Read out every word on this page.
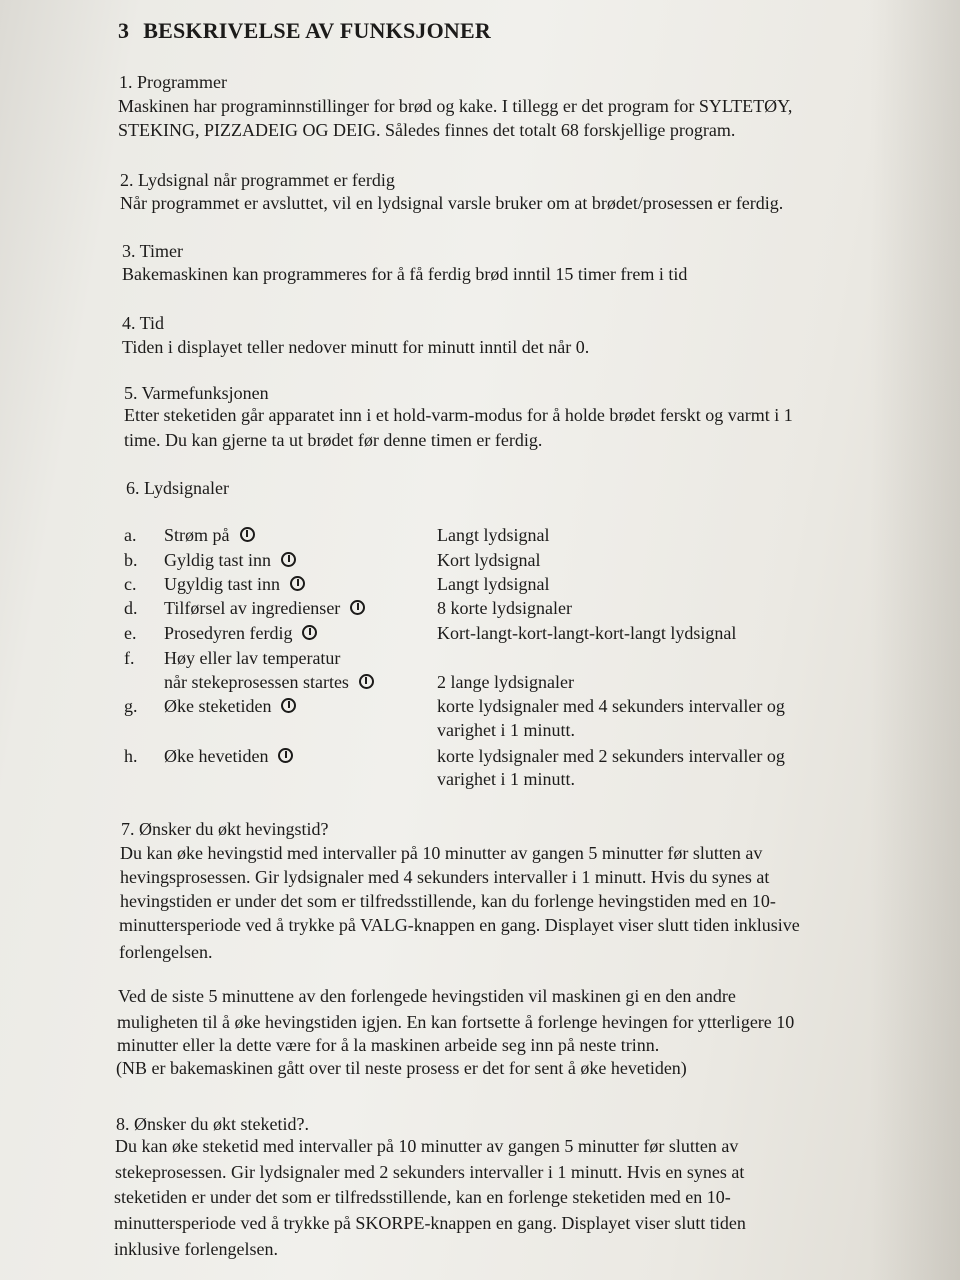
3 BESKRIVELSE AV FUNKSJONER
1. Programmer
Maskinen har programinnstillinger for brød og kake. I tillegg er det program for SYLTETØY,
STEKING, PIZZADEIG OG DEIG. Således finnes det totalt 68 forskjellige program.
2. Lydsignal når programmet er ferdig
Når programmet er avsluttet, vil en lydsignal varsle bruker om at brødet/prosessen er ferdig.
3. Timer
Bakemaskinen kan programmeres for å få ferdig brød inntil 15 timer frem i tid
4. Tid
Tiden i displayet teller nedover minutt for minutt inntil det når 0.
5. Varmefunksjonen
Etter steketiden går apparatet inn i et hold-varm-modus for å holde brødet ferskt og varmt i 1
time. Du kan gjerne ta ut brødet før denne timen er ferdig.
6. Lydsignaler
a. Strøm på	Langt lydsignal
b. Gyldig tast inn	Kort lydsignal
c. Ugyldig tast inn	Langt lydsignal
d. Tilførsel av ingredienser	8 korte lydsignaler
e. Prosedyren ferdig	Kort-langt-kort-langt-kort-langt lydsignal
f. Høy eller lav temperatur
når stekeprosessen startes	2 lange lydsignaler
g. Øke steketiden	korte lydsignaler med 4 sekunders intervaller og
varighet i 1 minutt.
h. Øke hevetiden	korte lydsignaler med 2 sekunders intervaller og
varighet i 1 minutt.
7. Ønsker du økt hevingstid?
Du kan øke hevingstid med intervaller på 10 minutter av gangen 5 minutter før slutten av
hevingsprosessen. Gir lydsignaler med 4 sekunders intervaller i 1 minutt. Hvis du synes at
hevingstiden er under det som er tilfredsstillende, kan du forlenge hevingstiden med en 10-
minuttersperiode ved å trykke på VALG-knappen en gang. Displayet viser slutt tiden inklusive
forlengelsen.
Ved de siste 5 minuttene av den forlengede hevingstiden vil maskinen gi en den andre
muligheten til å øke hevingstiden igjen. En kan fortsette å forlenge hevingen for ytterligere 10
minutter eller la dette være for å la maskinen arbeide seg inn på neste trinn.
(NB er bakemaskinen gått over til neste prosess er det for sent å øke hevetiden)
8. Ønsker du økt steketid?.
Du kan øke steketid med intervaller på 10 minutter av gangen 5 minutter før slutten av
stekeprosessen. Gir lydsignaler med 2 sekunders intervaller i 1 minutt. Hvis en synes at
steketiden er under det som er tilfredsstillende, kan en forlenge steketiden med en 10-
minuttersperiode ved å trykke på SKORPE-knappen en gang. Displayet viser slutt tiden
inklusive forlengelsen.
